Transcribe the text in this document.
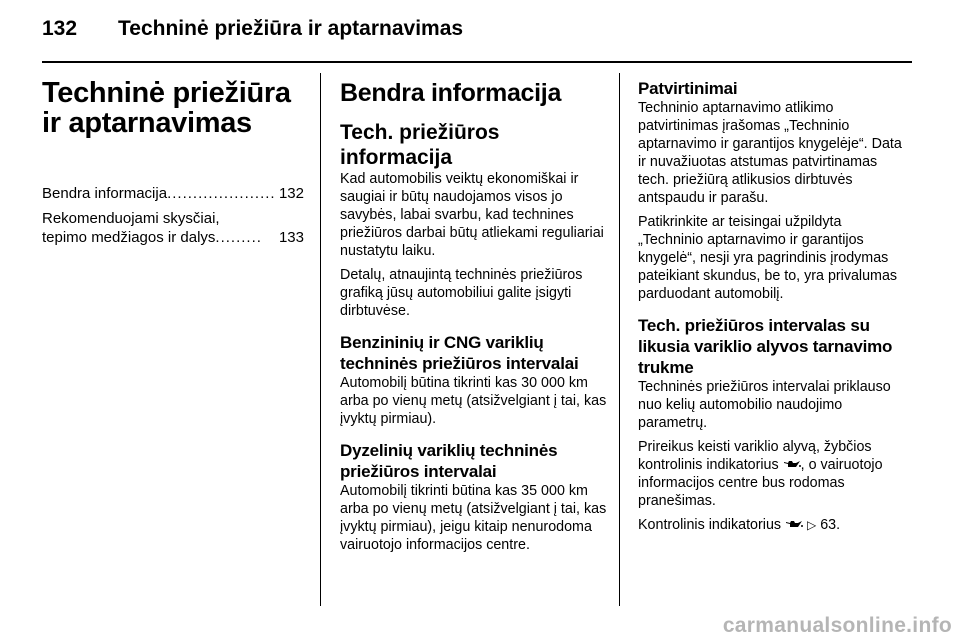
132 Techninė priežiūra ir aptarnavimas
Techninė priežiūra ir aptarnavimas
Bendra informacija ..................... 132
Rekomenduojami skysčiai,
tepimo medžiagos ir dalys .........	133
Bendra informacija
Tech. priežiūros informacija

Kad automobilis veiktų ekonomiškai ir saugiai ir būtų naudojamos visos jo savybės, labai svarbu, kad technines priežiūros darbai būtų atliekami reguliariai nustatytu laiku.

Detalų, atnaujintą techninės priežiūros grafiką jūsų automobiliui galite įsigyti dirbtuvėse.

Benzininių ir CNG variklių techninės priežiūros intervalai

Automobilį būtina tikrinti kas 30 000 km arba po vienų metų (atsižvelgiant į tai, kas įvyktų pirmiau).

Dyzelinių variklių techninės priežiūros intervalai

Automobilį tikrinti būtina kas 35 000 km arba po vienų metų (atsižvelgiant į tai, kas įvyktų pirmiau), jeigu kitaip nenurodoma vairuotojo informacijos centre.

Patvirtinimai

Techninio aptarnavimo atlikimo patvirtinimas įrašomas „Techninio aptarnavimo ir garantijos knygelėje“. Data ir nuvažiuotas atstumas patvirtinamas tech. priežiūrą atlikusios dirbtuvės antspaudu ir parašu.

Patikrinkite ar teisingai užpildyta „Techninio aptarnavimo ir garantijos knygelė“, nesji yra pagrindinis įrodymas pateikiant skundus, be to, yra privalumas parduodant automobilį.

Tech. priežiūros intervalas su likusia variklio alyvos tarnavimo trukme

Techninės priežiūros intervalai priklauso nuo kelių automobilio naudojimo parametrų.

Prireikus keisti variklio alyvą, žybčios kontrolinis indikatorius , o vairuotojo informacijos centre bus rodomas pranešimas.

Kontrolinis indikatorius ▷ 63.

carmanualsonline.info
